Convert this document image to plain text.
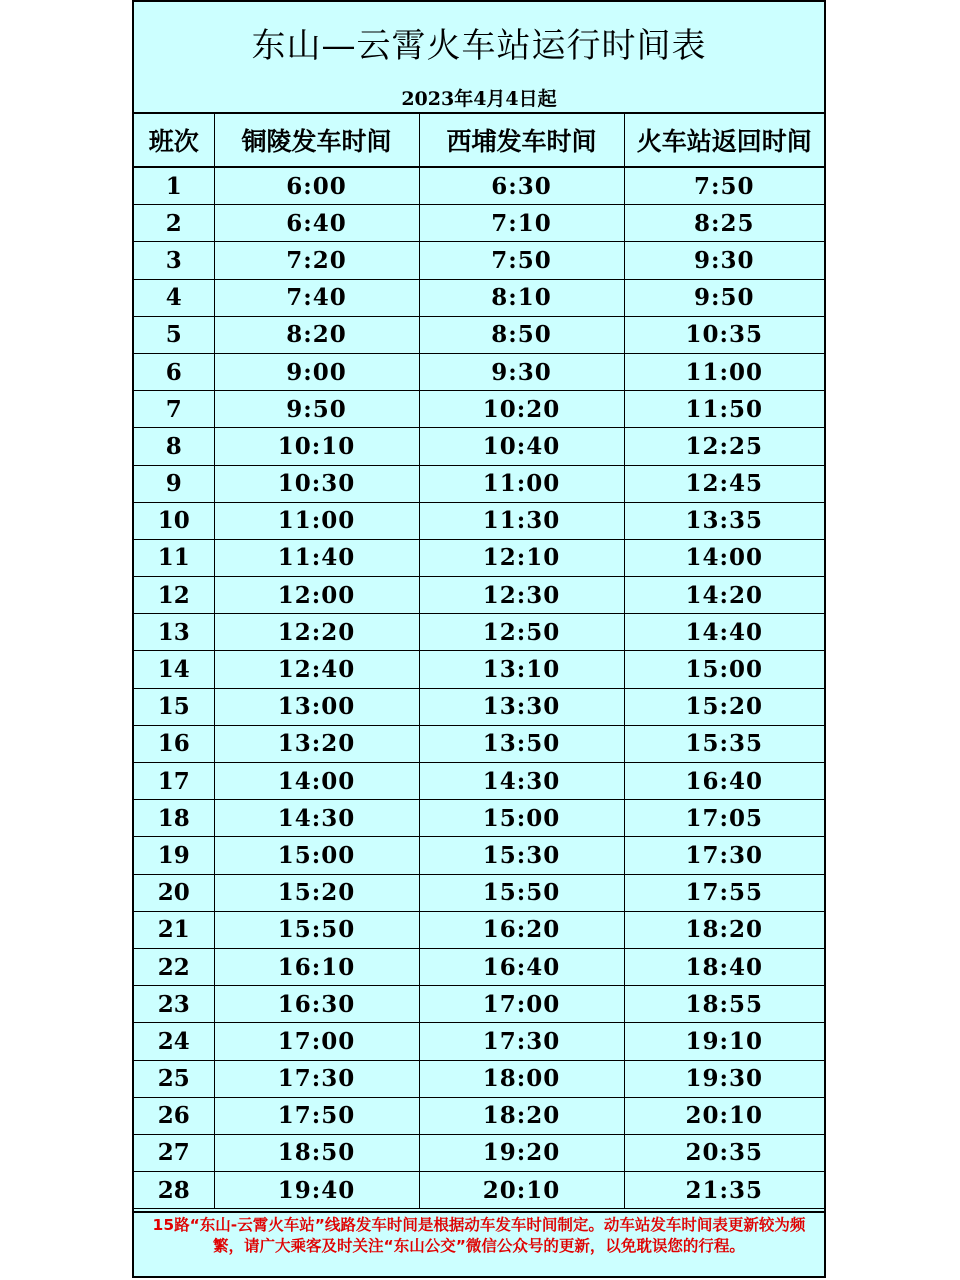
东山—云霄火车站运行时间表
2023年4月4日起
班次	铜陵发车时间	西埔发车时间	火车站返回时间
1	6:00	6:30	7:50
2	6:40	7:10	8:25
3	7:20	7:50	9:30
4	7:40	8:10	9:50
5	8:20	8:50	10:35
6	9:00	9:30	11:00
7	9:50	10:20	11:50
8	10:10	10:40	12:25
9	10:30	11:00	12:45
10	11:00	11:30	13:35
11	11:40	12:10	14:00
12	12:00	12:30	14:20
13	12:20	12:50	14:40
14	12:40	13:10	15:00
15	13:00	13:30	15:20
16	13:20	13:50	15:35
17	14:00	14:30	16:40
18	14:30	15:00	17:05
19	15:00	15:30	17:30
20	15:20	15:50	17:55
21	15:50	16:20	18:20
22	16:10	16:40	18:40
23	16:30	17:00	18:55
24	17:00	17:30	19:10
25	17:30	18:00	19:30
26	17:50	18:20	20:10
27	18:50	19:20	20:35
28	19:40	20:10	21:35
15路“东山-云霄火车站”线路发车时间是根据动车发车时间制定。动车站发车时间表更新较为频繁，请广大乘客及时关注“东山公交”微信公众号的更新，以免耽误您的行程。
